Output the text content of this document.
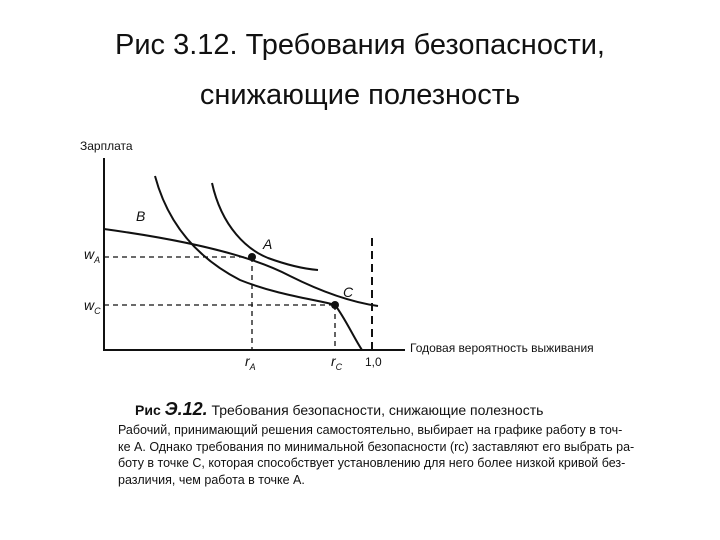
Рис 3.12. Требования безопасности,
снижающие полезность
Зарплата
Годовая вероятность выживания
B
A
C
$w_A$
$w_C$
$r_A$	$r_C$ 1,0
Рис Э.12. Требования безопасности, снижающие полезность
Рабочий, принимающий решения самостоятельно, выбирает на графике работу в точ-
ке А. Однако требования по минимальной безопасности (rc) заставляют его выбрать ра-
боту в точке С, которая способствует установлению для него более низкой кривой без-
различия, чем работа в точке А.
